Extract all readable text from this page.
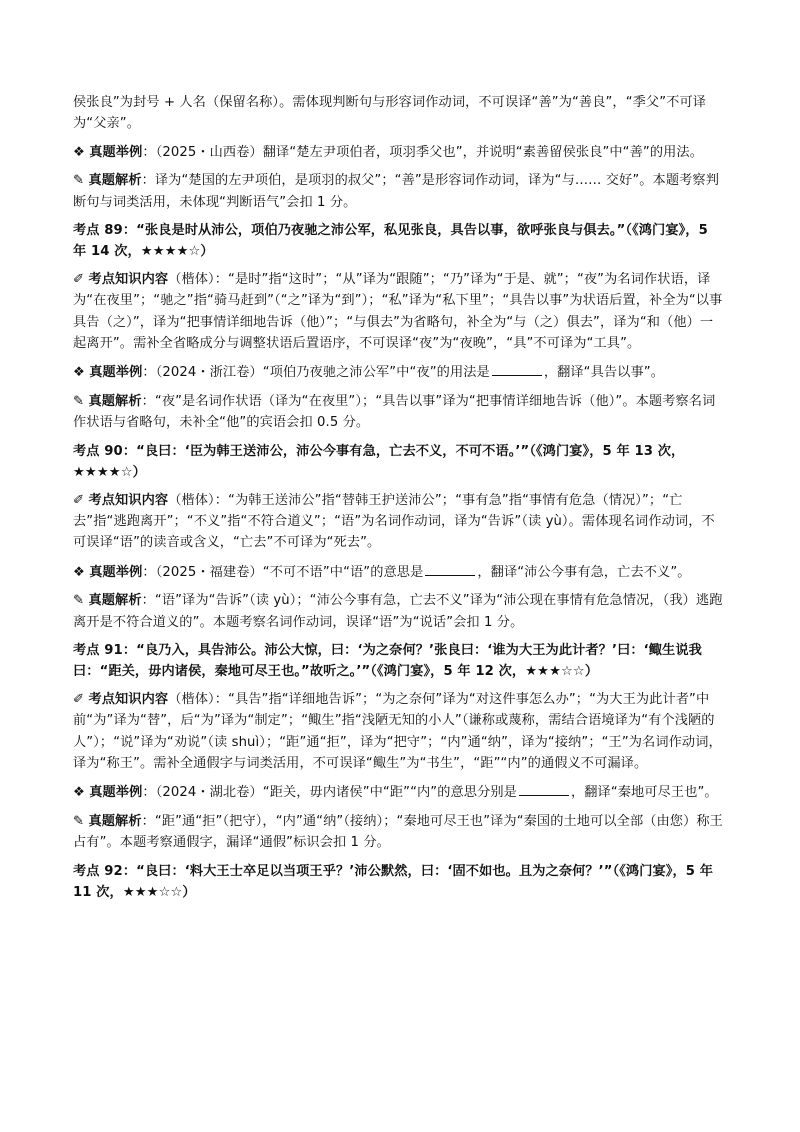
侯张良”为封号 + 人名（保留名称）。需体现判断句与形容词作动词，不可误译“善”为“善良”，“季父”不可译为“父亲”。

❖ 真题举例：（2025・山西卷）翻译“楚左尹项伯者，项羽季父也”，并说明“素善留侯张良”中“善”的用法。

✎ 真题解析：译为“楚国的左尹项伯，是项羽的叔父”；“善”是形容词作动词，译为“与…… 交好”。本题考察判断句与词类活用，未体现“判断语气”会扣 1 分。

考点 89：“张良是时从沛公，项伯乃夜驰之沛公军，私见张良，具告以事，欲呼张良与俱去。”（《鸿门宴》，5 年 14 次，★★★★☆）

✐ 考点知识内容（楷体）：“是时”指“这时”；“从”译为“跟随”；“乃”译为“于是、就”；“夜”为名词作状语，译为“在夜里”；“驰之”指“骑马赶到”（“之”译为“到”）；“私”译为“私下里”；“具告以事”为状语后置，补全为“以事具告（之）”，译为“把事情详细地告诉（他）”；“与俱去”为省略句，补全为“与（之）俱去”，译为“和（他）一起离开”。需补全省略成分与调整状语后置语序，不可误译“夜”为“夜晚”，“具”不可译为“工具”。

❖ 真题举例：（2024・浙江卷）“项伯乃夜驰之沛公军”中“夜”的用法是	，翻译“具告以事”。

✎ 真题解析：“夜”是名词作状语（译为“在夜里”）；“具告以事”译为“把事情详细地告诉（他）”。本题考察名词作状语与省略句，未补全“他”的宾语会扣 0.5 分。

考点 90：“良曰：‘臣为韩王送沛公，沛公今事有急，亡去不义，不可不语。’”（《鸿门宴》，5 年 13 次，★★★★☆）

✐ 考点知识内容（楷体）：“为韩王送沛公”指“替韩王护送沛公”；“事有急”指“事情有危急（情况）”；“亡去”指“逃跑离开”；“不义”指“不符合道义”；“语”为名词作动词，译为“告诉”（读 yù）。需体现名词作动词，不可误译“语”的读音或含义，“亡去”不可译为“死去”。

❖ 真题举例：（2025・福建卷）“不可不语”中“语”的意思是	，翻译“沛公今事有急，亡去不义”。

✎ 真题解析：“语”译为“告诉”（读 yù）；“沛公今事有急，亡去不义”译为“沛公现在事情有危急情况，（我）逃跑离开是不符合道义的”。本题考察名词作动词，误译“语”为“说话”会扣 1 分。

考点 91：“良乃入，具告沛公。沛公大惊，曰：‘为之奈何？’张良曰：‘谁为大王为此计者？’曰：‘鲰生说我曰：“距关，毋内诸侯，秦地可尽王也。”故听之。’”（《鸿门宴》，5 年 12 次，★★★☆☆）

✐ 考点知识内容（楷体）：“具告”指“详细地告诉”；“为之奈何”译为“对这件事怎么办”；“为大王为此计者”中前“为”译为“替”，后“为”译为“制定”；“鲰生”指“浅陋无知的小人”（谦称或蔑称，需结合语境译为“有个浅陋的人”）；“说”译为“劝说”（读 shuì）；“距”通“拒”，译为“把守”；“内”通“纳”，译为“接纳”；“王”为名词作动词，译为“称王”。需补全通假字与词类活用，不可误译“鲰生”为“书生”，“距”“内”的通假义不可漏译。

❖ 真题举例：（2024・湖北卷）“距关，毋内诸侯”中“距”“内”的意思分别是	，翻译“秦地可尽王也”。

✎ 真题解析：“距”通“拒”（把守），“内”通“纳”（接纳）；“秦地可尽王也”译为“秦国的土地可以全部（由您）称王占有”。本题考察通假字，漏译“通假”标识会扣 1 分。

考点 92：“良曰：‘料大王士卒足以当项王乎？’沛公默然，曰：‘固不如也。且为之奈何？’”（《鸿门宴》，5 年 11 次，★★★☆☆）
